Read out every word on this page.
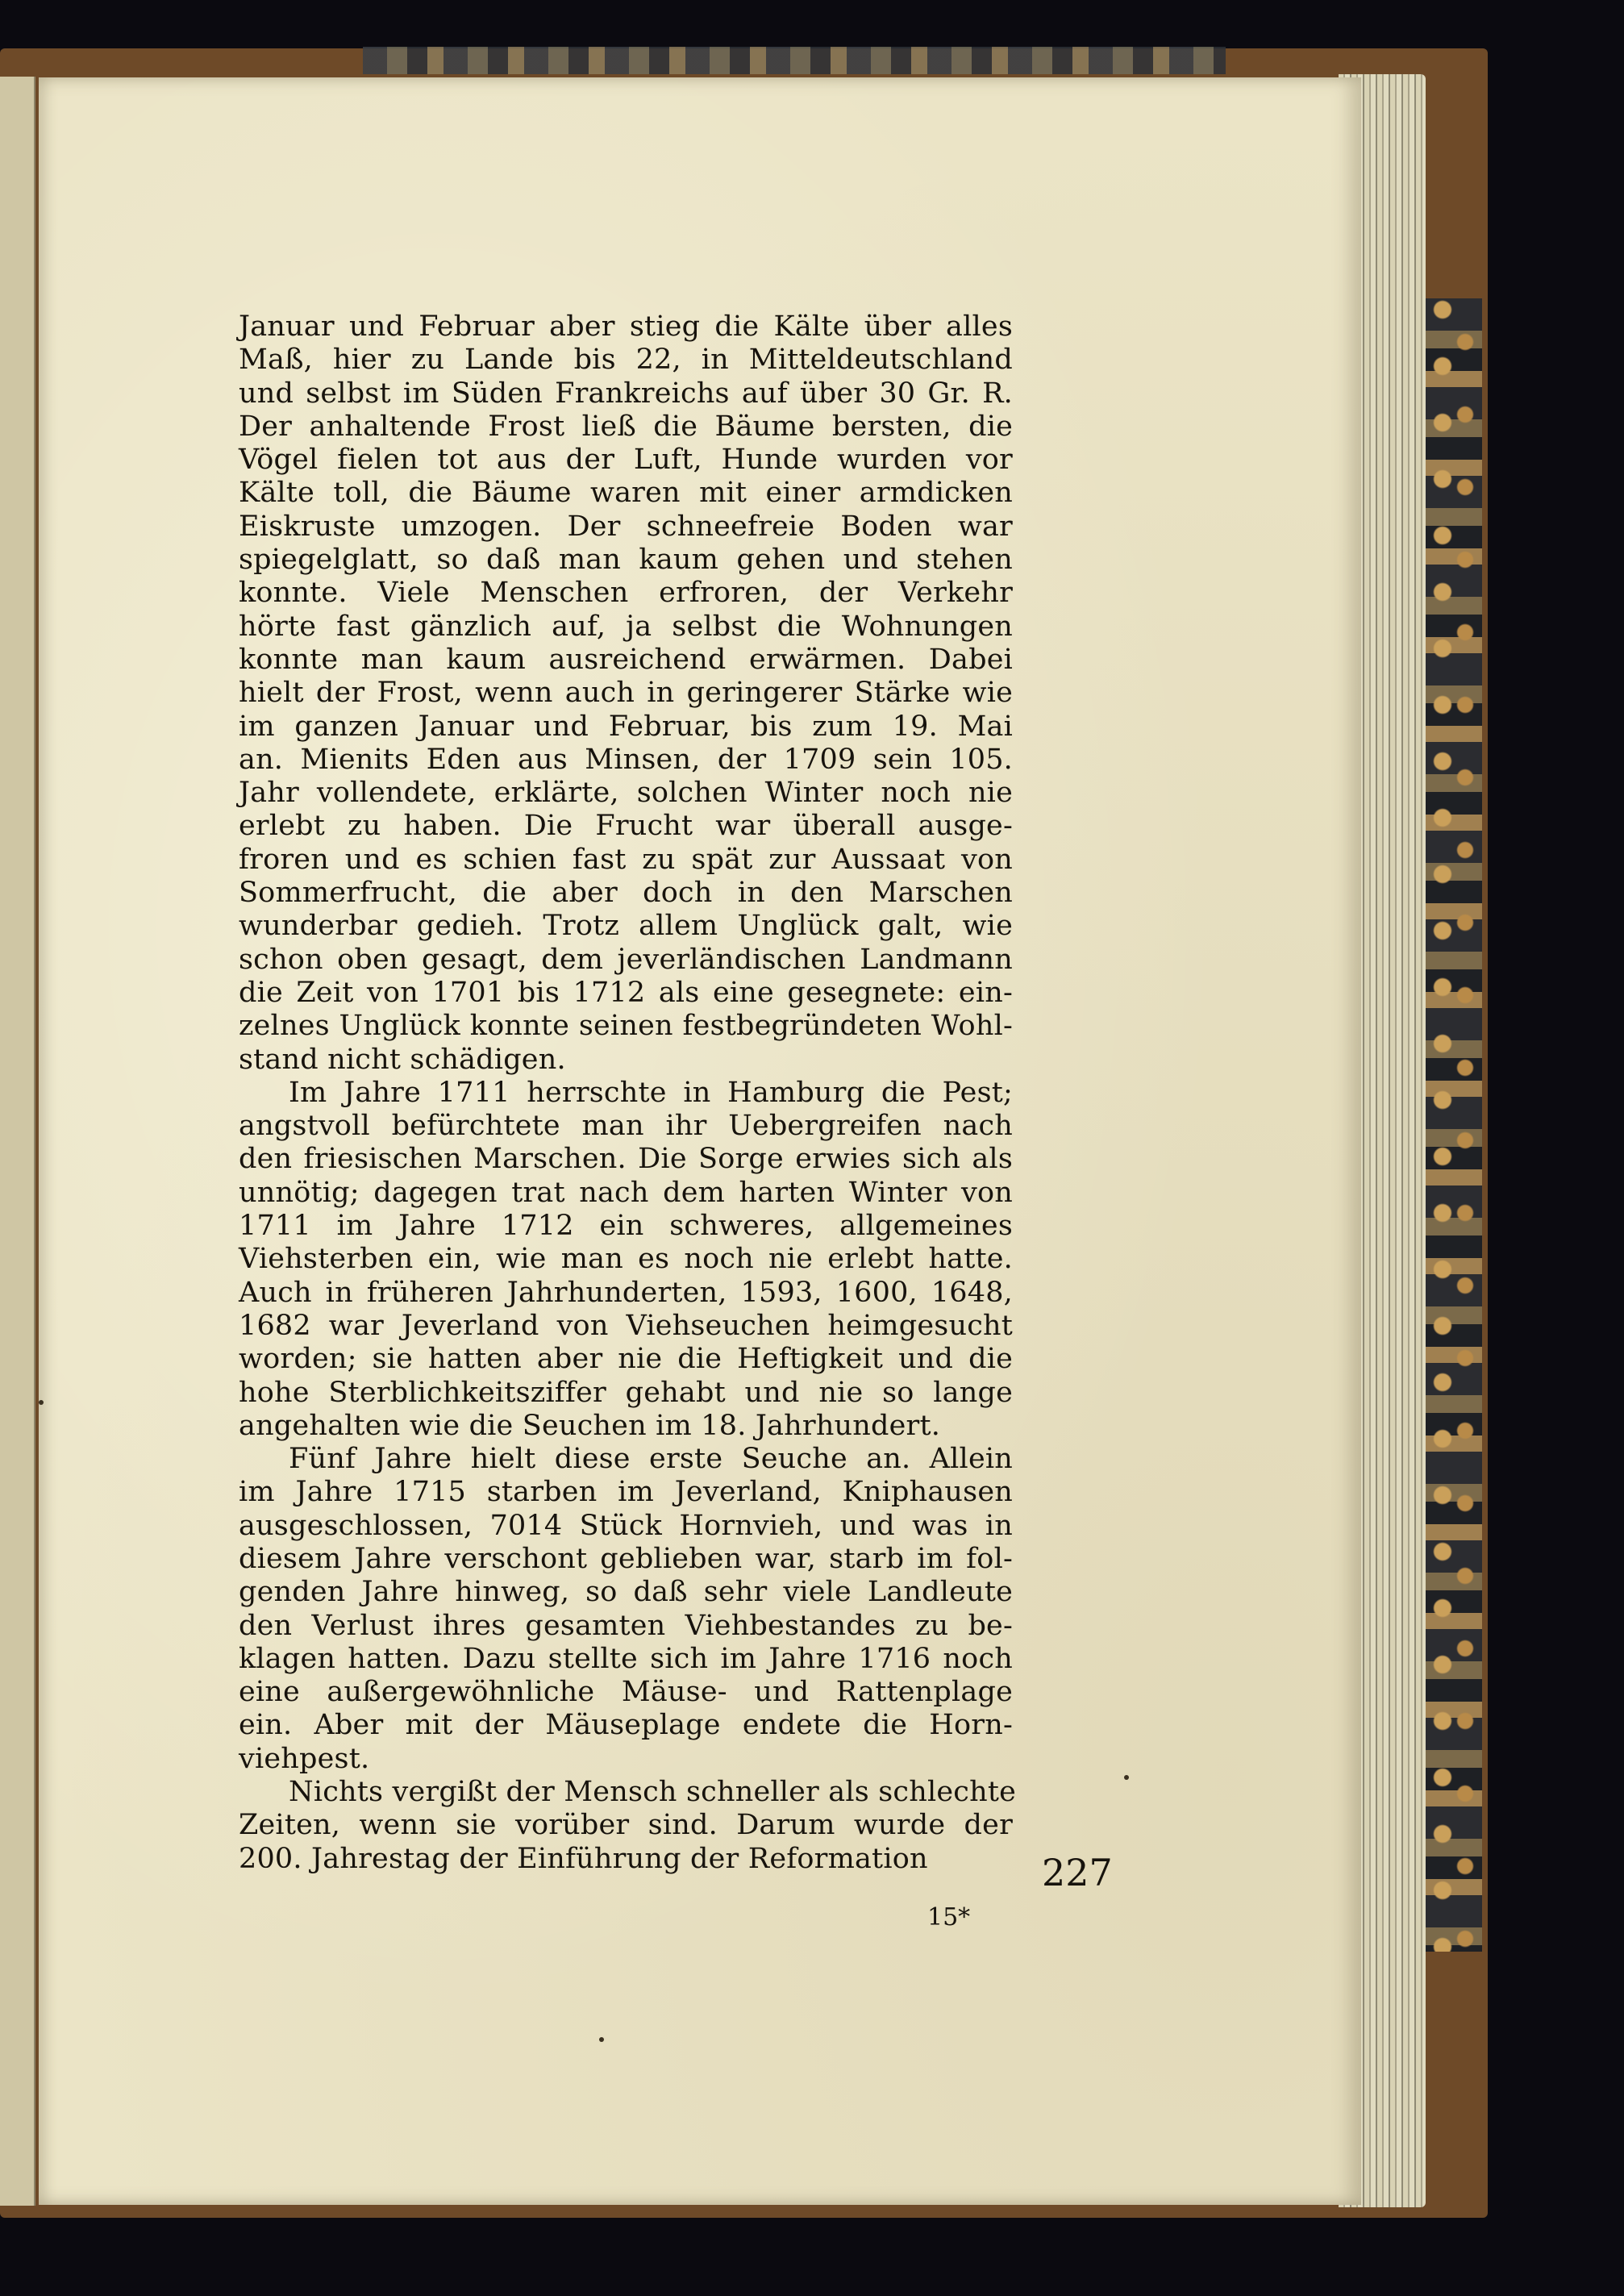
Januar und Februar aber stieg die Kälte über alles
Maß, hier zu Lande bis 22, in Mitteldeutschland
und selbst im Süden Frankreichs auf über 30 Gr. R.
Der anhaltende Frost ließ die Bäume bersten, die
Vögel fielen tot aus der Luft, Hunde wurden vor
Kälte toll, die Bäume waren mit einer armdicken
Eiskruste umzogen. Der schneefreie Boden war
spiegelglatt, so daß man kaum gehen und stehen
konnte. Viele Menschen erfroren, der Verkehr
hörte fast gänzlich auf, ja selbst die Wohnungen
konnte man kaum ausreichend erwärmen. Dabei
hielt der Frost, wenn auch in geringerer Stärke wie
im ganzen Januar und Februar, bis zum 19. Mai
an. Mienits Eden aus Minsen, der 1709 sein 105.
Jahr vollendete, erklärte, solchen Winter noch nie
erlebt zu haben. Die Frucht war überall ausge-
froren und es schien fast zu spät zur Aussaat von
Sommerfrucht, die aber doch in den Marschen
wunderbar gedieh. Trotz allem Unglück galt, wie
schon oben gesagt, dem jeverländischen Landmann
die Zeit von 1701 bis 1712 als eine gesegnete: ein-
zelnes Unglück konnte seinen festbegründeten Wohl-
stand nicht schädigen.
Im Jahre 1711 herrschte in Hamburg die Pest;
angstvoll befürchtete man ihr Uebergreifen nach
den friesischen Marschen. Die Sorge erwies sich als
unnötig; dagegen trat nach dem harten Winter von
1711 im Jahre 1712 ein schweres, allgemeines
Viehsterben ein, wie man es noch nie erlebt hatte.
Auch in früheren Jahrhunderten, 1593, 1600, 1648,
1682 war Jeverland von Viehseuchen heimgesucht
worden; sie hatten aber nie die Heftigkeit und die
hohe Sterblichkeitsziffer gehabt und nie so lange
angehalten wie die Seuchen im 18. Jahrhundert.
Fünf Jahre hielt diese erste Seuche an. Allein
im Jahre 1715 starben im Jeverland, Kniphausen
ausgeschlossen, 7014 Stück Hornvieh, und was in
diesem Jahre verschont geblieben war, starb im fol-
genden Jahre hinweg, so daß sehr viele Landleute
den Verlust ihres gesamten Viehbestandes zu be-
klagen hatten. Dazu stellte sich im Jahre 1716 noch
eine außergewöhnliche Mäuse- und Rattenplage
ein. Aber mit der Mäuseplage endete die Horn-
viehpest.
Nichts vergißt der Mensch schneller als schlechte
Zeiten, wenn sie vorüber sind. Darum wurde der
200. Jahrestag der Einführung der Reformation	227
15*
